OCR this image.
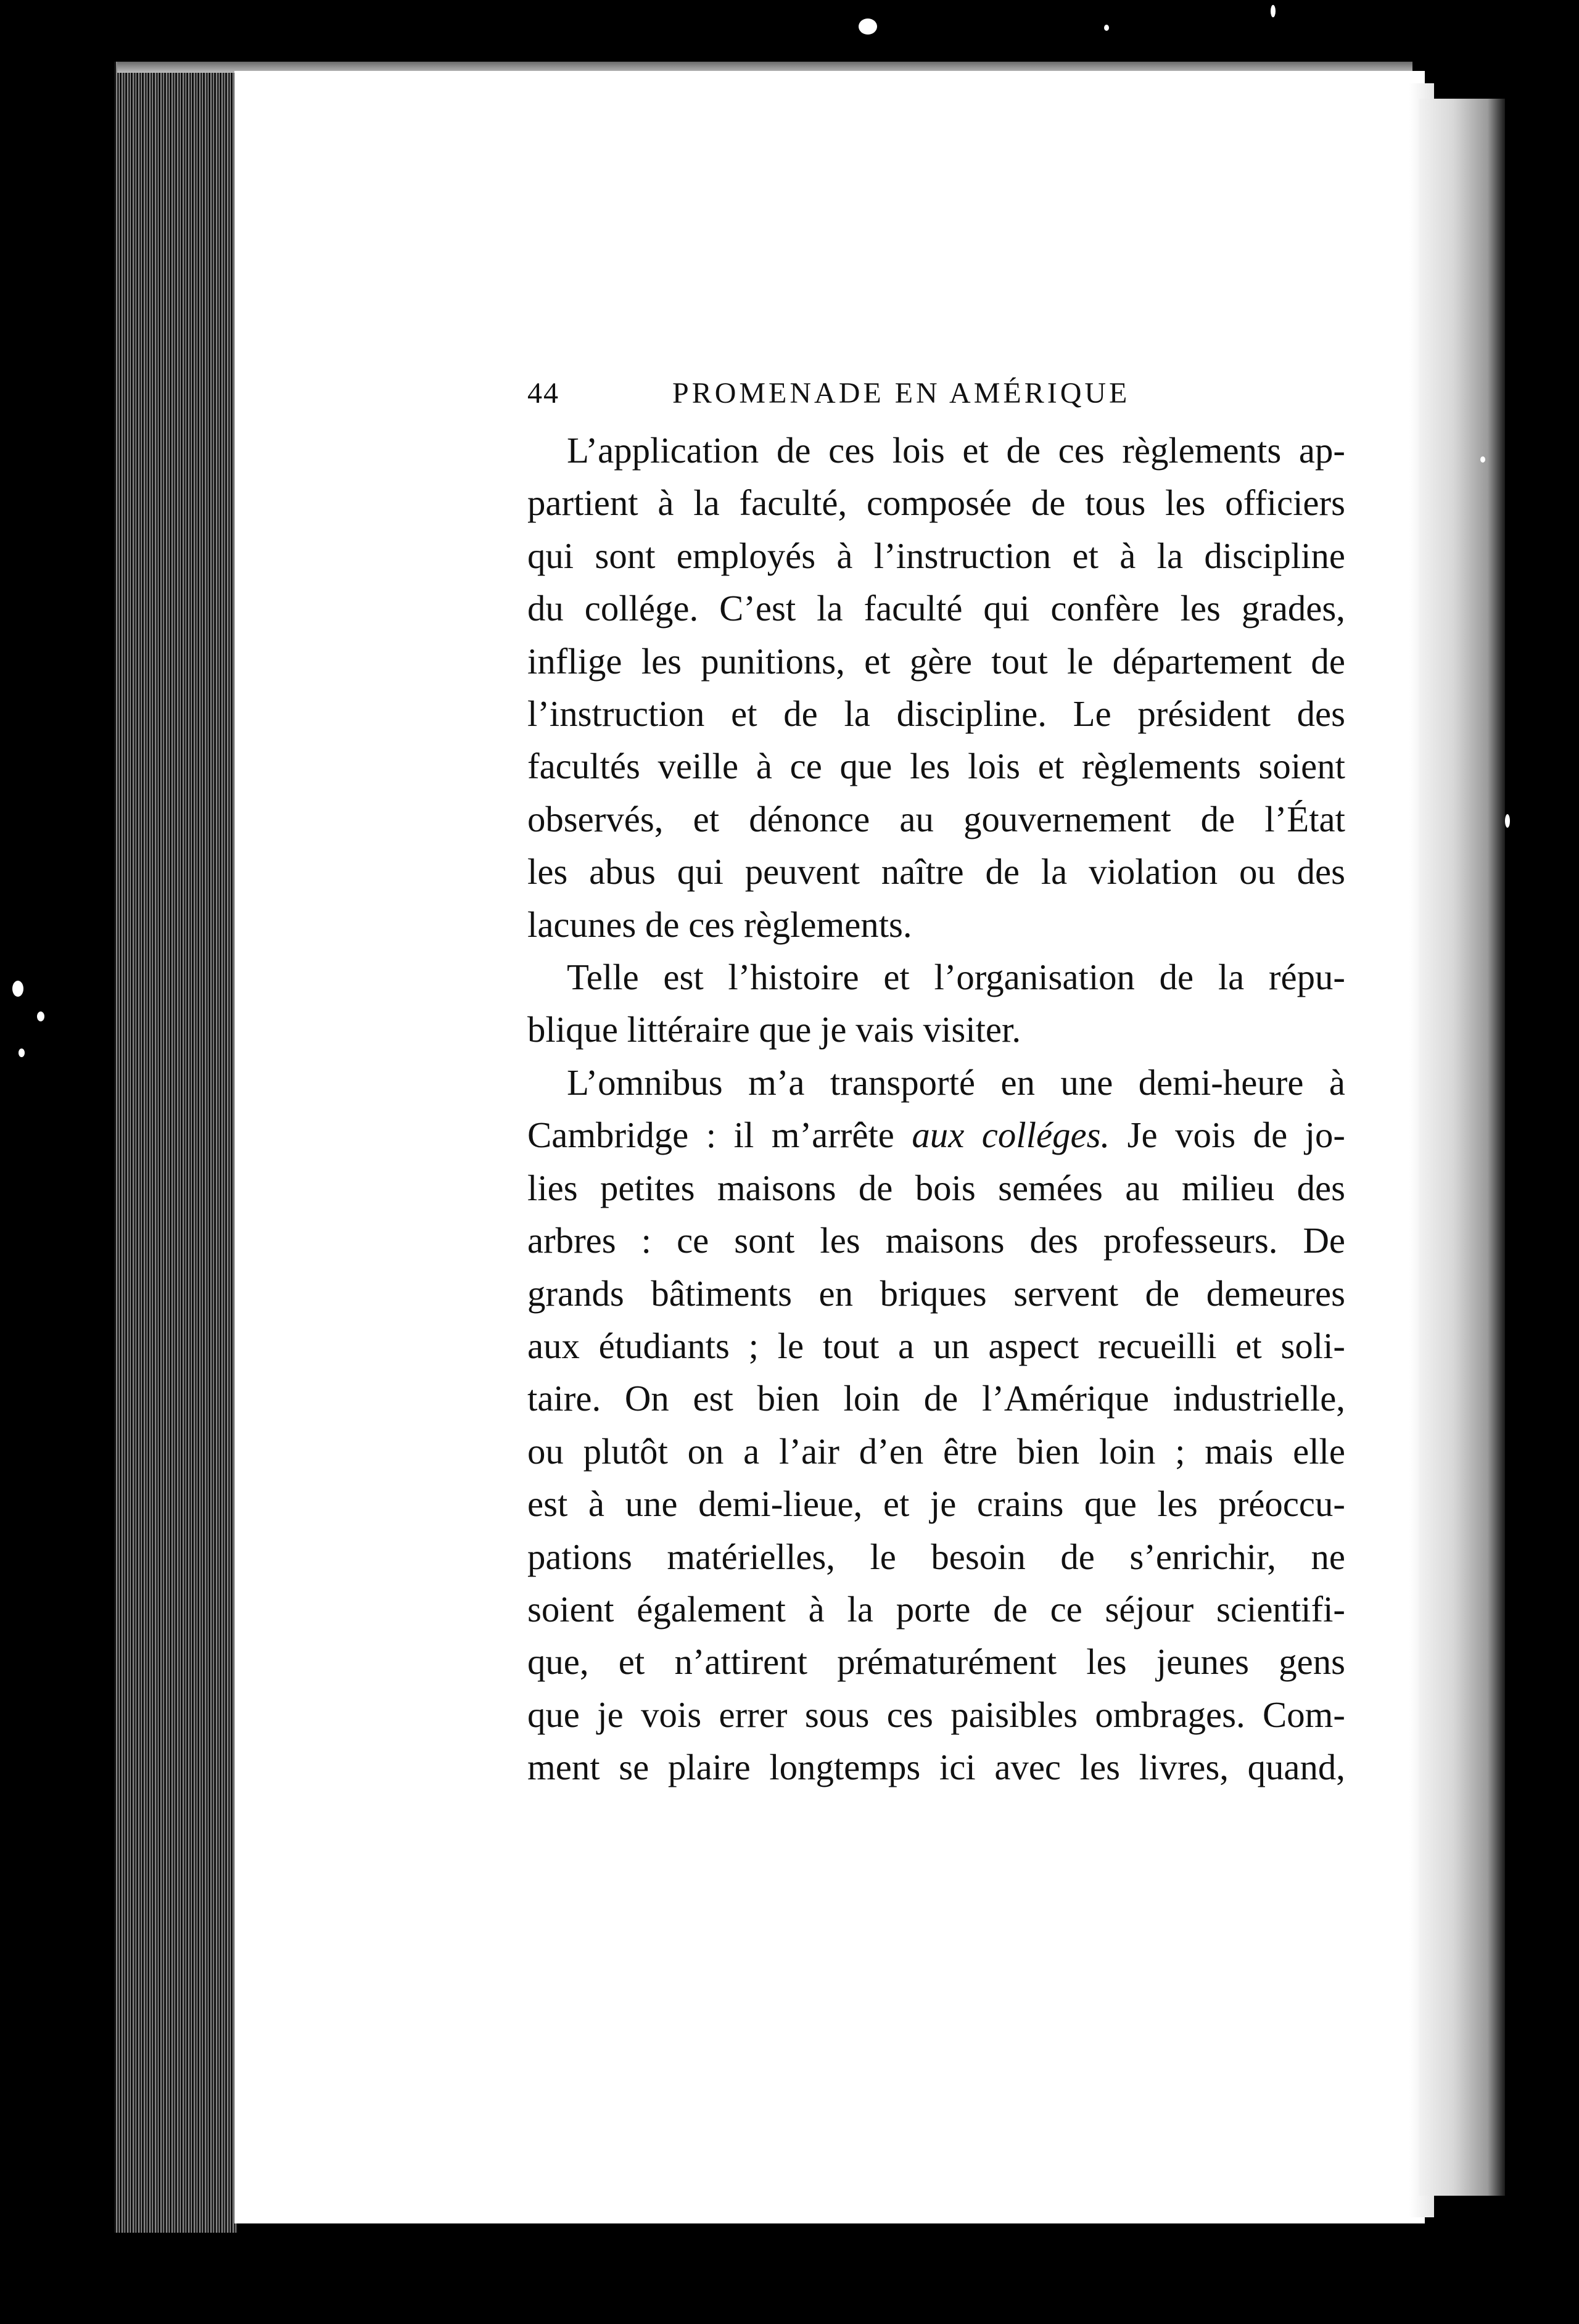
44	PROMENADE EN AMÉRIQUE

L’application de ces lois et de ces règlements ap-
partient à la faculté, composée de tous les officiers
qui sont employés à l’instruction et à la discipline
du collége. C’est la faculté qui confère les grades,
inflige les punitions, et gère tout le département de
l’instruction et de la discipline. Le président des
facultés veille à ce que les lois et règlements soient
observés, et dénonce au gouvernement de l’État
les abus qui peuvent naître de la violation ou des
lacunes de ces règlements.

Telle est l’histoire et l’organisation de la répu-
blique littéraire que je vais visiter.

L’omnibus m’a transporté en une demi-heure à
Cambridge : il m’arrête aux colléges. Je vois de jo-
lies petites maisons de bois semées au milieu des
arbres : ce sont les maisons des professeurs. De
grands bâtiments en briques servent de demeures
aux étudiants ; le tout a un aspect recueilli et soli-
taire. On est bien loin de l’Amérique industrielle,
ou plutôt on a l’air d’en être bien loin ; mais elle
est à une demi-lieue, et je crains que les préoccu-
pations matérielles, le besoin de s’enrichir, ne
soient également à la porte de ce séjour scientifi-
que, et n’attirent prématurément les jeunes gens
que je vois errer sous ces paisibles ombrages. Com-
ment se plaire longtemps ici avec les livres, quand,
